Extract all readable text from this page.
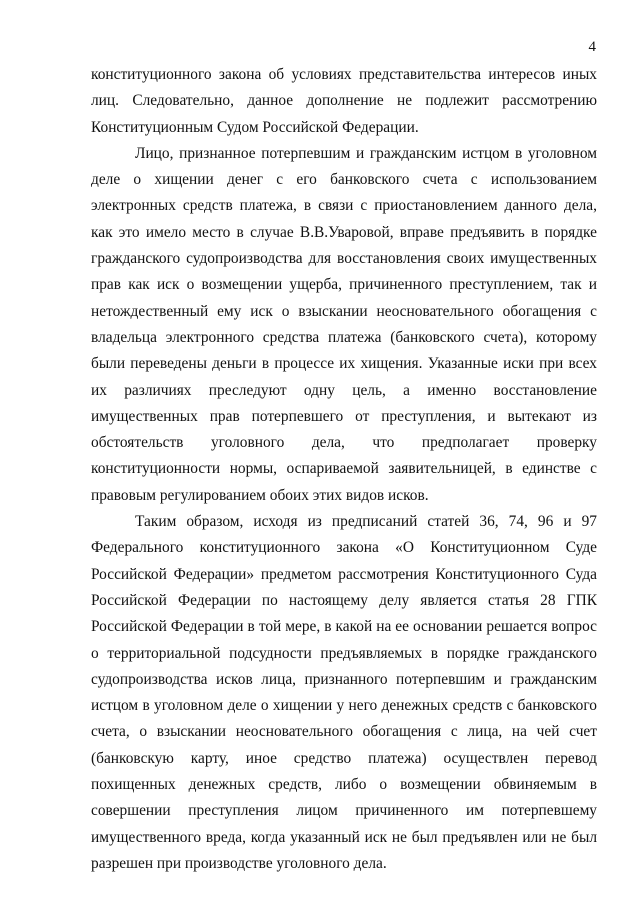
4

конституционного закона об условиях представительства интересов иных лиц. Следовательно, данное дополнение не подлежит рассмотрению Конституционным Судом Российской Федерации.

Лицо, признанное потерпевшим и гражданским истцом в уголовном деле о хищении денег с его банковского счета с использованием электронных средств платежа, в связи с приостановлением данного дела, как это имело место в случае В.В.Уваровой, вправе предъявить в порядке гражданского судопроизводства для восстановления своих имущественных прав как иск о возмещении ущерба, причиненного преступлением, так и нетождественный ему иск о взыскании неосновательного обогащения с владельца электронного средства платежа (банковского счета), которому были переведены деньги в процессе их хищения. Указанные иски при всех их различиях преследуют одну цель, а именно восстановление имущественных прав потерпевшего от преступления, и вытекают из обстоятельств уголовного дела, что предполагает проверку конституционности нормы, оспариваемой заявительницей, в единстве с правовым регулированием обоих этих видов исков.

Таким образом, исходя из предписаний статей 36, 74, 96 и 97 Федерального конституционного закона «О Конституционном Суде Российской Федерации» предметом рассмотрения Конституционного Суда Российской Федерации по настоящему делу является статья 28 ГПК Российской Федерации в той мере, в какой на ее основании решается вопрос о территориальной подсудности предъявляемых в порядке гражданского судопроизводства исков лица, признанного потерпевшим и гражданским истцом в уголовном деле о хищении у него денежных средств с банковского счета, о взыскании неосновательного обогащения с лица, на чей счет (банковскую карту, иное средство платежа) осуществлен перевод похищенных денежных средств, либо о возмещении обвиняемым в совершении преступления лицом причиненного им потерпевшему имущественного вреда, когда указанный иск не был предъявлен или не был разрешен при производстве уголовного дела.
